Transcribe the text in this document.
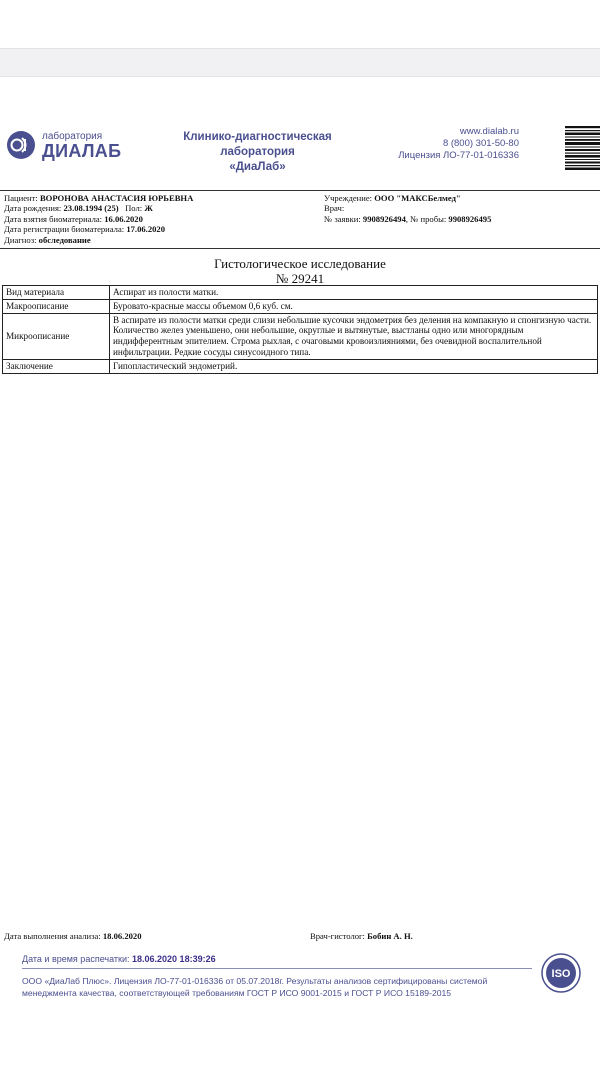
лаборатория
ДИАЛАБ
Клинико-диагностическая лаборатория
«ДиаЛаб»
www.dialab.ru
8 (800) 301-50-80
Лицензия ЛО-77-01-016336
Пациент: ВОРОНОВА АНАСТАСИЯ ЮРЬЕВНА
Дата рождения: 23.08.1994 (25) Пол: Ж
Дата взятия биоматериала: 16.06.2020
Дата регистрации биоматериала: 17.06.2020
Диагноз: обследование
Учреждение: ООО "МАКСБелмед"
Врач:
№ заявки: 9908926494, № пробы: 9908926495
Гистологическое исследование
№ 29241
Вид материала	Аспират из полости матки.
Макроописание	Буровато-красные массы объемом 0,6 куб. см.
Микроописание	В аспирате из полости матки среди слизи небольшие кусочки эндометрия без деления на компакную и спонгизную части. Количество желез уменьшено, они небольшие, округлые и вытянутые, выстланы одно или многорядным индифферентным эпителием. Строма рыхлая, с очаговыми кровоизлияниями, без очевидной воспалительной инфильтрации. Редкие сосуды синусоидного типа.
Заключение	Гипопластический эндометрий.
Дата выполнения анализа: 18.06.2020	Врач-гистолог: Бобин А. Н.
Дата и время распечатки: 18.06.2020 18:39:26
ООО «ДиаЛаб Плюс». Лицензия ЛО-77-01-016336 от 05.07.2018г. Результаты анализов сертифицированы системой
менеджмента качества, соответствующей требованиям ГОСТ Р ИСО 9001-2015 и ГОСТ Р ИСО 15189-2015
ISO
